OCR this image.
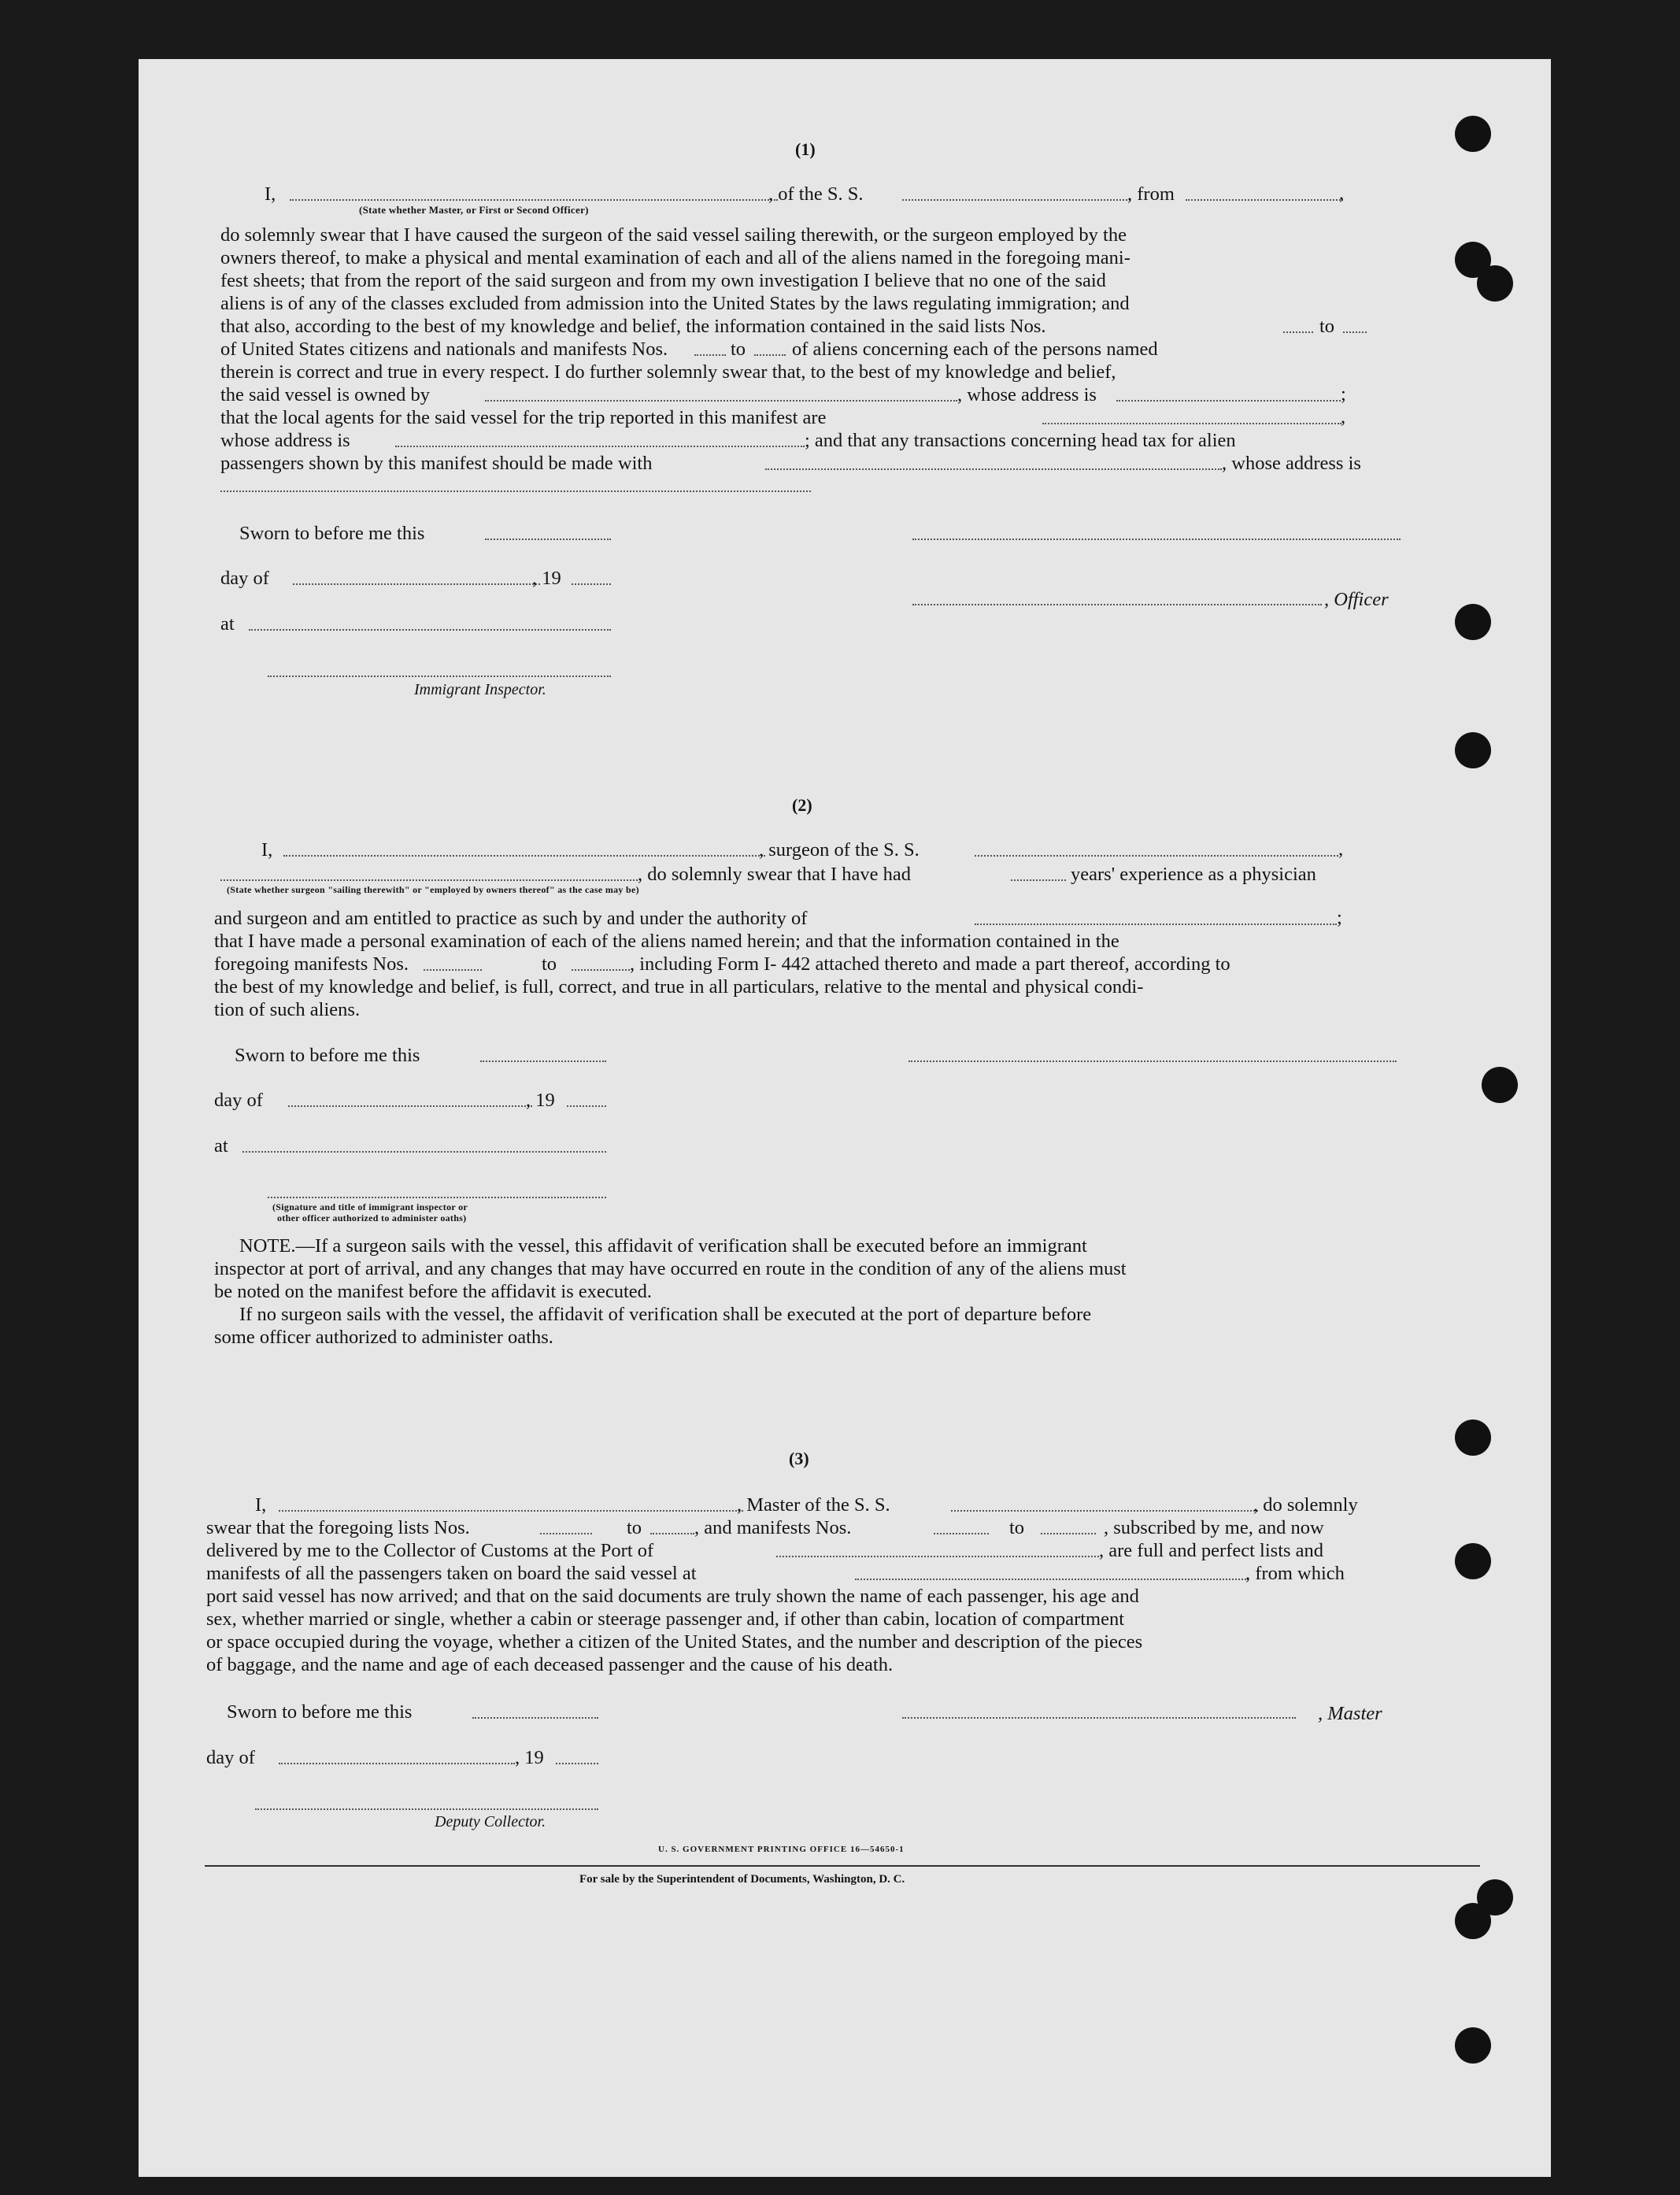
(1)
I,	, of the S. S.	, from	,
(State whether Master, or First or Second Officer)
do solemnly swear that I have caused the surgeon of the said vessel sailing therewith, or the surgeon employed by the
owners thereof, to make a physical and mental examination of each and all of the aliens named in the foregoing mani-
fest sheets; that from the report of the said surgeon and from my own investigation I believe that no one of the said
aliens is of any of the classes excluded from admission into the United States by the laws regulating immigration; and
that also, according to the best of my knowledge and belief, the information contained in the said lists Nos.	to
of United States citizens and nationals and manifests Nos.	to of aliens concerning each of the persons named
therein is correct and true in every respect. I do further solemnly swear that, to the best of my knowledge and belief,
the said vessel is owned by	, whose address is	;
that the local agents for the said vessel for the trip reported in this manifest are	,
whose address is	; and that any transactions concerning head tax for alien
passengers shown by this manifest should be made with	, whose address is
Sworn to before me this
day of	, 19
, Officer
at
Immigrant Inspector.
(2)
I,	, surgeon of the S. S.	,
, do solemnly swear that I have had	years' experience as a physician
(State whether surgeon "sailing therewith" or "employed by owners thereof" as the case may be)
and surgeon and am entitled to practice as such by and under the authority of	;
that I have made a personal examination of each of the aliens named herein; and that the information contained in the
foregoing manifests Nos.	to	, including Form I- 442 attached thereto and made a part thereof, according to
the best of my knowledge and belief, is full, correct, and true in all particulars, relative to the mental and physical condi-
tion of such aliens.
Sworn to before me this
day of	, 19
at
(Signature and title of immigrant inspector or
other officer authorized to administer oaths)
NOTE.—If a surgeon sails with the vessel, this affidavit of verification shall be executed before an immigrant
inspector at port of arrival, and any changes that may have occurred en route in the condition of any of the aliens must
be noted on the manifest before the affidavit is executed.
If no surgeon sails with the vessel, the affidavit of verification shall be executed at the port of departure before
some officer authorized to administer oaths.
(3)
I,	, Master of the S. S.	, do solemnly
swear that the foregoing lists Nos.	to	, and manifests Nos.	to	, subscribed by me, and now
delivered by me to the Collector of Customs at the Port of	, are full and perfect lists and
manifests of all the passengers taken on board the said vessel at	, from which
port said vessel has now arrived; and that on the said documents are truly shown the name of each passenger, his age and
sex, whether married or single, whether a cabin or steerage passenger and, if other than cabin, location of compartment
or space occupied during the voyage, whether a citizen of the United States, and the number and description of the pieces
of baggage, and the name and age of each deceased passenger and the cause of his death.
Sworn to before me this	, Master
day of	, 19
Deputy Collector.
U. S. GOVERNMENT PRINTING OFFICE 16—54650-1
For sale by the Superintendent of Documents, Washington, D. C.
